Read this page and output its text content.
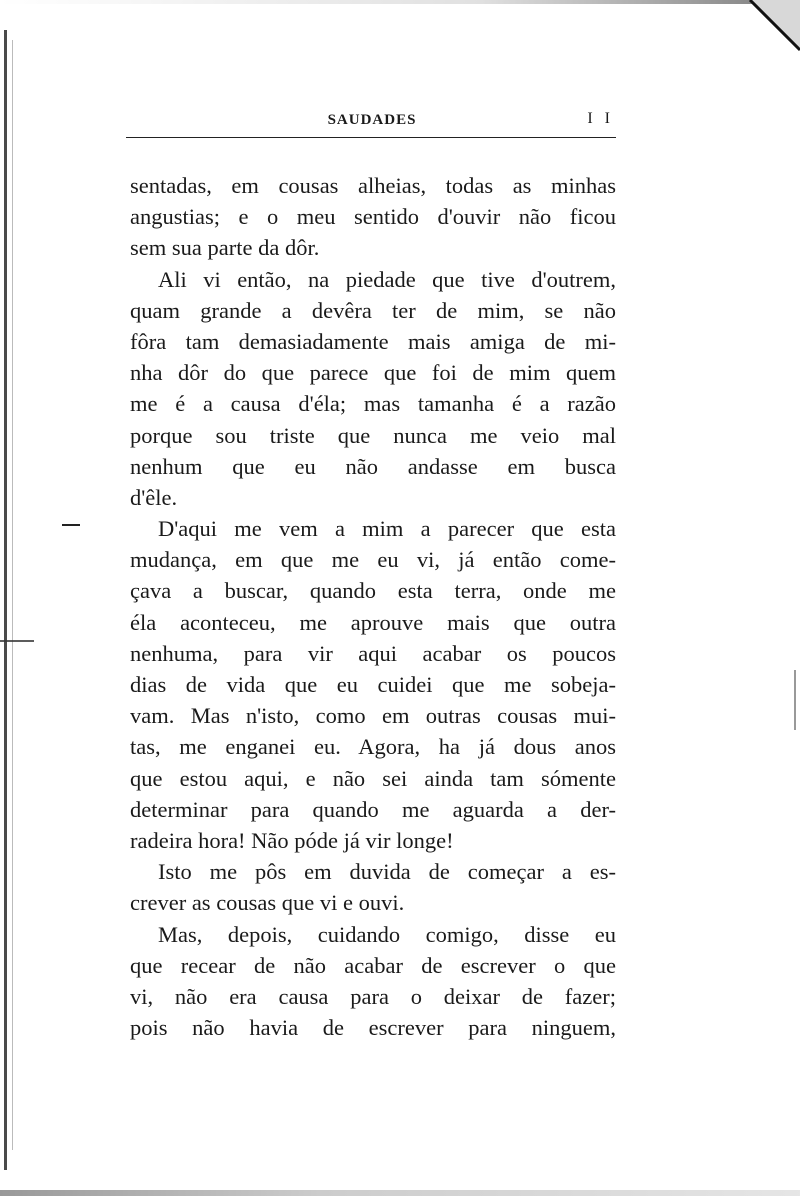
SAUDADES	I I
sentadas, em cousas alheias, todas as minhas
angustias; e o meu sentido d'ouvir não ficou
sem sua parte da dôr.
Ali vi então, na piedade que tive d'outrem,
quam grande a devêra ter de mim, se não
fôra tam demasiadamente mais amiga de mi-
nha dôr do que parece que foi de mim quem
me é a causa d'éla; mas tamanha é a razão
porque sou triste que nunca me veio mal
nenhum que eu não andasse em busca
d'êle.
D'aqui me vem a mim a parecer que esta
mudança, em que me eu vi, já então come-
çava a buscar, quando esta terra, onde me
éla aconteceu, me aprouve mais que outra
nenhuma, para vir aqui acabar os poucos
dias de vida que eu cuidei que me sobeja-
vam. Mas n'isto, como em outras cousas mui-
tas, me enganei eu. Agora, ha já dous anos
que estou aqui, e não sei ainda tam sómente
determinar para quando me aguarda a der-
radeira hora! Não póde já vir longe!
Isto me pôs em duvida de começar a es-
crever as cousas que vi e ouvi.
Mas, depois, cuidando comigo, disse eu
que recear de não acabar de escrever o que
vi, não era causa para o deixar de fazer;
pois não havia de escrever para ninguem,
